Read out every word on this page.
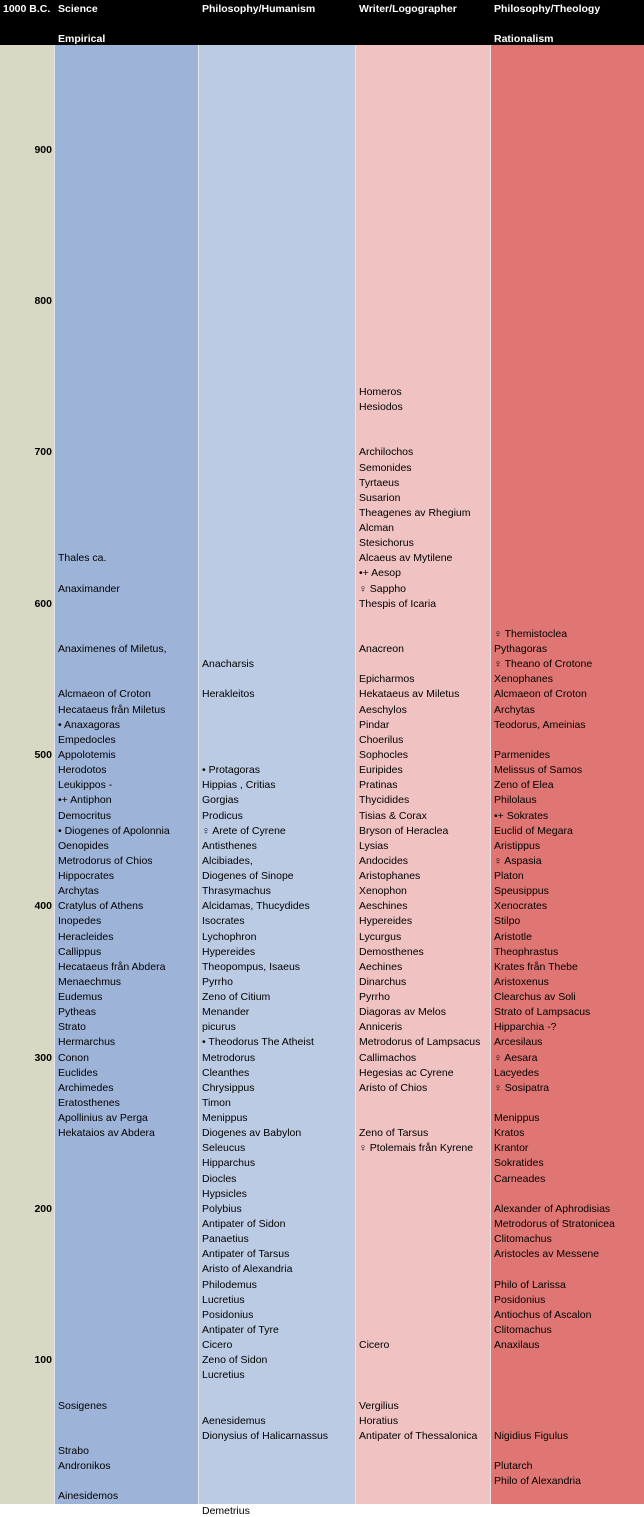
1000 B.C. Science
Empirical
Philosophy/Humanism	Writer/Logographer	Philosophy/Theology
Rationalism
900
800
700
600
500
400
300
200
100
Thales ca.
Anaximander
Anaximenes of Miletus,
Alcmaeon of Croton
Hecataeus från Miletus
• Anaxagoras
Empedocles
Appolotemis
Herodotos
Leukippos -
•+ Antiphon
Democritus
• Diogenes of Apolonnia
Oenopides
Metrodorus of Chios
Hippocrates
Archytas
Cratylus of Athens
Inopedes
Heracleides
Callippus
Hecataeus från Abdera
Menaechmus
Eudemus
Pytheas
Strato
Hermarchus
Conon
Euclides
Archimedes
Eratosthenes
Apollinius av Perga
Hekataios av Abdera
Sosigenes
Strabo
Andronikos
Ainesidemos
Anacharsis
Herakleitos
• Protagoras
Hippias , Critias
Gorgias
Prodicus
♀ Arete of Cyrene
Antisthenes
Alcibiades,
Diogenes of Sinope
Thrasymachus
Alcidamas, Thucydides
Isocrates
Lychophron
Hypereides
Theopompus, Isaeus
Pyrrho
Zeno of Citium
Menander
picurus
• Theodorus The Atheist
Metrodorus
Cleanthes
Chrysippus
Timon
Menippus
Diogenes av Babylon
Seleucus
Hipparchus
Diocles
Hypsicles
Polybius
Antipater of Sidon
Panaetius
Antipater of Tarsus
Aristo of Alexandria
Philodemus
Lucretius
Posidonius
Antipater of Tyre
Cicero
Zeno of Sidon
Lucretius
Aenesidemus
Dionysius of Halicarnassus
Demetrius
Homeros
Hesiodos
Archilochos
Semonides
Tyrtaeus
Susarion
Theagenes av Rhegium
Alcman
Stesichorus
Alcaeus av Mytilene
•+ Aesop
♀ Sappho
Thespis of Icaria
Anacreon
Epicharmos
Hekataeus av Miletus
Aeschylos
Pindar
Choerilus
Sophocles
Euripides
Pratinas
Thycidides
Tisias & Corax
Bryson of Heraclea
Lysias
Andocides
Aristophanes
Xenophon
Aeschines
Hypereides
Lycurgus
Demosthenes
Aechines
Dinarchus
Pyrrho
Diagoras av Melos
Anniceris
Metrodorus of Lampsacus
Callimachos
Hegesias ac Cyrene
Aristo of Chios
Zeno of Tarsus
♀ Ptolemais från Kyrene
Cicero
Vergilius
Horatius
Antipater of Thessalonica
♀ Themistoclea
Pythagoras
♀ Theano of Crotone
Xenophanes
Alcmaeon of Croton
Archytas
Teodorus, Ameinias
Parmenides
Melissus of Samos
Zeno of Elea
Philolaus
•+ Sokrates
Euclid of Megara
Aristippus
♀ Aspasia
Platon
Speusippus
Xenocrates
Stilpo
Aristotle
Theophrastus
Krates från Thebe
Aristoxenus
Clearchus av Soli
Strato of Lampsacus
Hipparchia -?
Arcesilaus
♀ Aesara
Lacyedes
♀ Sosipatra
Menippus
Kratos
Krantor
Sokratides
Carneades
Alexander of Aphrodisias
Metrodorus of Stratonicea
Clitomachus
Aristocles av Messene
Philo of Larissa
Posidonius
Antiochus of Ascalon
Clitomachus
Anaxilaus
Nigidius Figulus
Plutarch
Philo of Alexandria
